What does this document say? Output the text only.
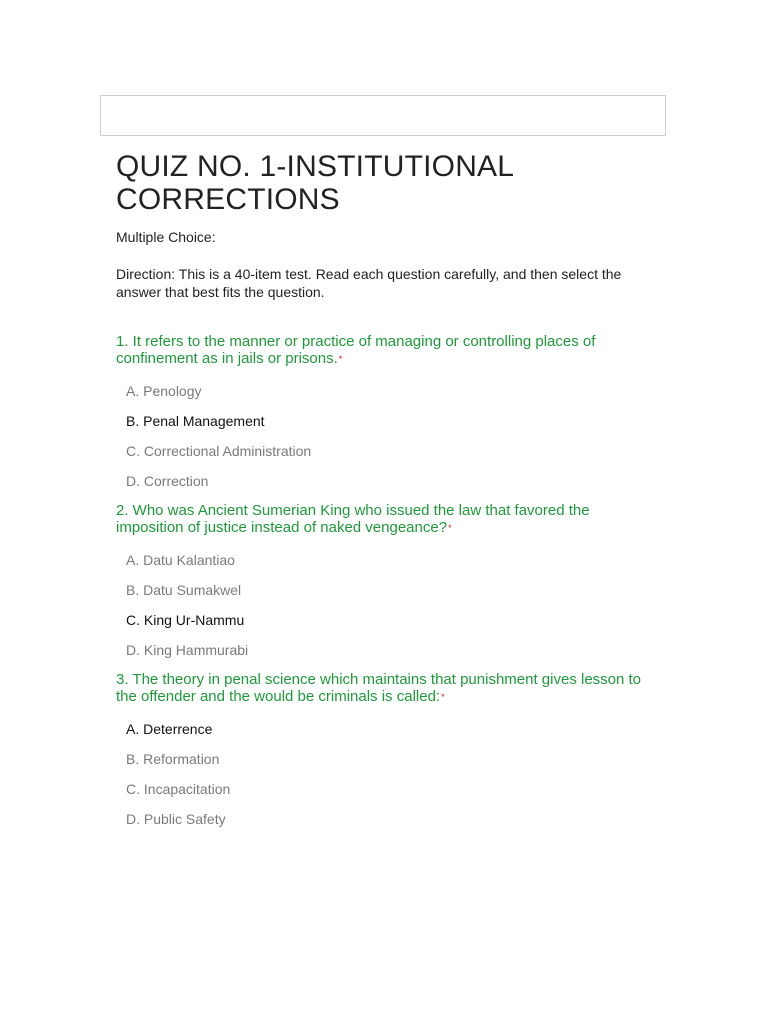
QUIZ NO. 1-INSTITUTIONAL CORRECTIONS
Multiple Choice:
Direction: This is a 40-item test. Read each question carefully, and then select the answer that best fits the question.
1. It refers to the manner or practice of managing or controlling places of confinement as in jails or prisons.*
A. Penology
B. Penal Management
C. Correctional Administration
D. Correction
2. Who was Ancient Sumerian King who issued the law that favored the imposition of justice instead of naked vengeance?*
A. Datu Kalantiao
B. Datu Sumakwel
C. King Ur-Nammu
D. King Hammurabi
3. The theory in penal science which maintains that punishment gives lesson to the offender and the would be criminals is called:*
A. Deterrence
B. Reformation
C. Incapacitation
D. Public Safety
